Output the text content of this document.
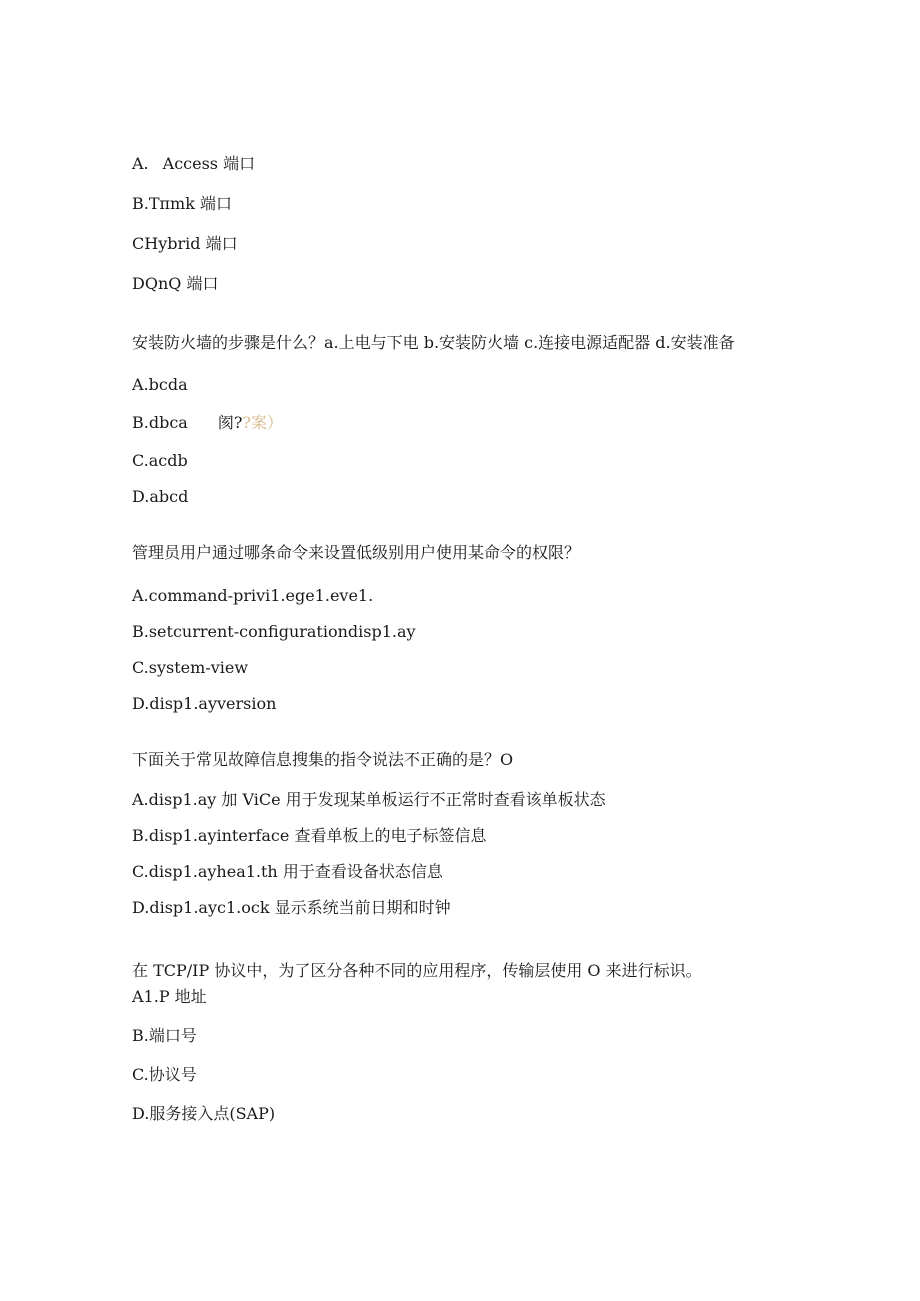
A. Access 端口
B.Tπmk 端口
CHybrid 端口
DQnQ 端口
安装防火墙的步骤是什么？a.上电与下电 b.安装防火墙 c.连接电源适配器 d.安装准备
A.bcda
B.dbca 阂??案）
C.acdb
D.abcd
管理员用户通过哪条命令来设置低级别用户使用某命令的权限？
A.command-privi1.ege1.eve1.
B.setcurrent-configurationdisp1.ay
C.system-view
D.disp1.ayversion
下面关于常见故障信息搜集的指令说法不正确的是？O
A.disp1.ay 加 ViCe 用于发现某单板运行不正常时查看该单板状态
B.disp1.ayinterface 查看单板上的电子标签信息
C.disp1.ayhea1.th 用于查看设备状态信息
D.disp1.ayc1.ock 显示系统当前日期和时钟
在 TCP/IP 协议中，为了区分各种不同的应用程序，传输层使用 O 来进行标识。
A1.P 地址
B.端口号
C.协议号
D.服务接入点(SAP)
